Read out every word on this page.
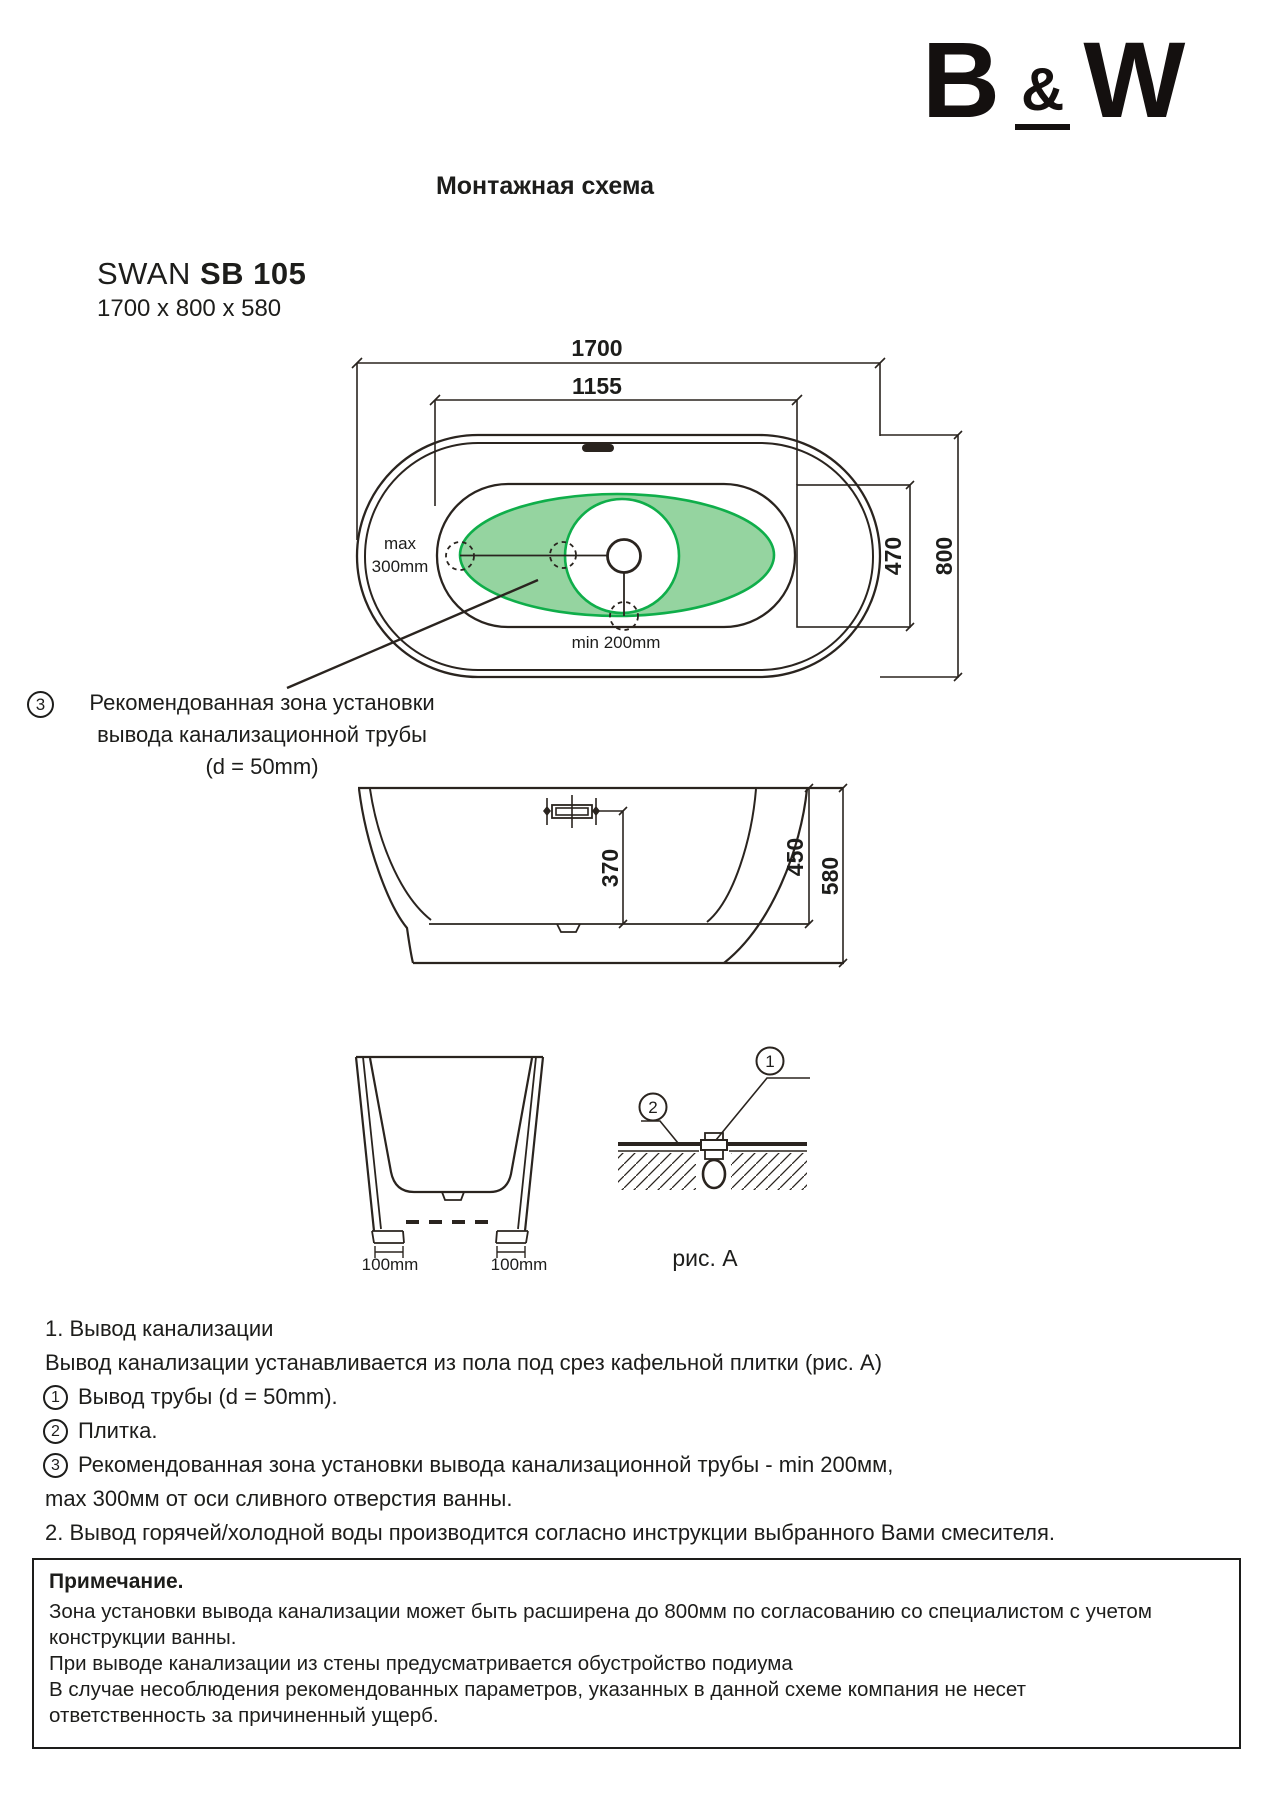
B & W
Монтажная схема
SWAN SB 105
1700 x 800 x 580
1700
1155
470 800
370	450 580
1
2
max
300mm
min 200mm
3	Рекомендованная зона установки
вывода канализационной трубы
(d = 50mm)
100mm	100mm	рис. А
1. Вывод канализации
Вывод канализации устанавливается из пола под срез кафельной плитки (рис. А)
1 Вывод трубы (d = 50mm).
2 Плитка.
3 Рекомендованная зона установки вывода канализационной трубы - min 200мм,
max 300мм от оси сливного отверстия ванны.
2. Вывод горячей/холодной воды производится согласно инструкции выбранного Вами смесителя.
Примечание.
Зона установки вывода канализации может быть расширена до 800мм по согласованию со специалистом с учетом
конструкции ванны.
При выводе канализации из стены предусматривается обустройство подиума
В случае несоблюдения рекомендованных параметров, указанных в данной схеме компания не несет
ответственность за причиненный ущерб.
